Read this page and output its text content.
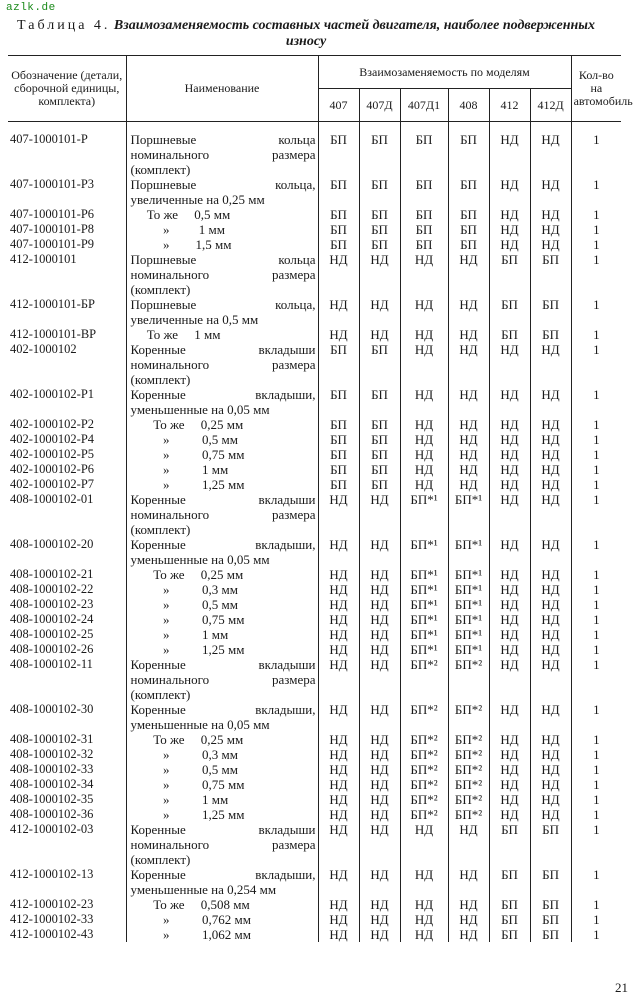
azlk.de
Таблица 4. Взаимозаменяемость составных частей двигателя, наиболее подверженных износу
Обозначение (детали, сборочной единицы, комплекта)	Наименование	Взаимозаменяемость по моделям						Кол-во на автомобиль
		407	407Д	407Д1	408	412	412Д	
407-1000101-Р	Поршневые кольца номинального размера (комплект)	БП	БП	БП	БП	НД	НД	1
407-1000101-Р3	Поршневые кольца, увеличенные на 0,25 мм	БП	БП	БП	БП	НД	НД	1
407-1000101-Р6	То же     0,5 мм	БП	БП	БП	БП	НД	НД	1
407-1000101-Р8	»         1 мм	БП	БП	БП	БП	НД	НД	1
407-1000101-Р9	»        1,5 мм	БП	БП	БП	БП	НД	НД	1
412-1000101	Поршневые кольца номинального размера (комплект)	НД	НД	НД	НД	БП	БП	1
412-1000101-БР	Поршневые кольца, увеличенные на 0,5 мм	НД	НД	НД	НД	БП	БП	1
412-1000101-ВР	То же     1 мм	НД	НД	НД	НД	БП	БП	1
402-1000102	Коренные вкладыши номинального размера (комплект)	БП	БП	НД	НД	НД	НД	1
402-1000102-Р1	Коренные вкладыши, уменьшенные на 0,05 мм	БП	БП	НД	НД	НД	НД	1
402-1000102-Р2	То же     0,25 мм	БП	БП	НД	НД	НД	НД	1
402-1000102-Р4	»          0,5 мм	БП	БП	НД	НД	НД	НД	1
402-1000102-Р5	»          0,75 мм	БП	БП	НД	НД	НД	НД	1
402-1000102-Р6	»          1 мм	БП	БП	НД	НД	НД	НД	1
402-1000102-Р7	»          1,25 мм	БП	БП	НД	НД	НД	НД	1
408-1000102-01	Коренные вкладыши номинального размера (комплект)	НД	НД	БП*¹	БП*¹	НД	НД	1
408-1000102-20	Коренные вкладыши, уменьшенные на 0,05 мм	НД	НД	БП*¹	БП*¹	НД	НД	1
408-1000102-21	То же     0,25 мм	НД	НД	БП*¹	БП*¹	НД	НД	1
408-1000102-22	»          0,3 мм	НД	НД	БП*¹	БП*¹	НД	НД	1
408-1000102-23	»          0,5 мм	НД	НД	БП*¹	БП*¹	НД	НД	1
408-1000102-24	»          0,75 мм	НД	НД	БП*¹	БП*¹	НД	НД	1
408-1000102-25	»          1 мм	НД	НД	БП*¹	БП*¹	НД	НД	1
408-1000102-26	»          1,25 мм	НД	НД	БП*¹	БП*¹	НД	НД	1
408-1000102-11	Коренные вкладыши номинального размера (комплект)	НД	НД	БП*²	БП*²	НД	НД	1
408-1000102-30	Коренные вкладыши, уменьшенные на 0,05 мм	НД	НД	БП*²	БП*²	НД	НД	1
408-1000102-31	То же     0,25 мм	НД	НД	БП*²	БП*²	НД	НД	1
408-1000102-32	»          0,3 мм	НД	НД	БП*²	БП*²	НД	НД	1
408-1000102-33	»          0,5 мм	НД	НД	БП*²	БП*²	НД	НД	1
408-1000102-34	»          0,75 мм	НД	НД	БП*²	БП*²	НД	НД	1
408-1000102-35	»          1 мм	НД	НД	БП*²	БП*²	НД	НД	1
408-1000102-36	»          1,25 мм	НД	НД	БП*²	БП*²	НД	НД	1
412-1000102-03	Коренные вкладыши номинального размера (комплект)	НД	НД	НД	НД	БП	БП	1
412-1000102-13	Коренные вкладыши, уменьшенные на 0,254 мм	НД	НД	НД	НД	БП	БП	1
412-1000102-23	То же     0,508 мм	НД	НД	НД	НД	БП	БП	1
412-1000102-33	»          0,762 мм	НД	НД	НД	НД	БП	БП	1
412-1000102-43	»          1,062 мм	НД	НД	НД	НД	БП	БП	1
21
